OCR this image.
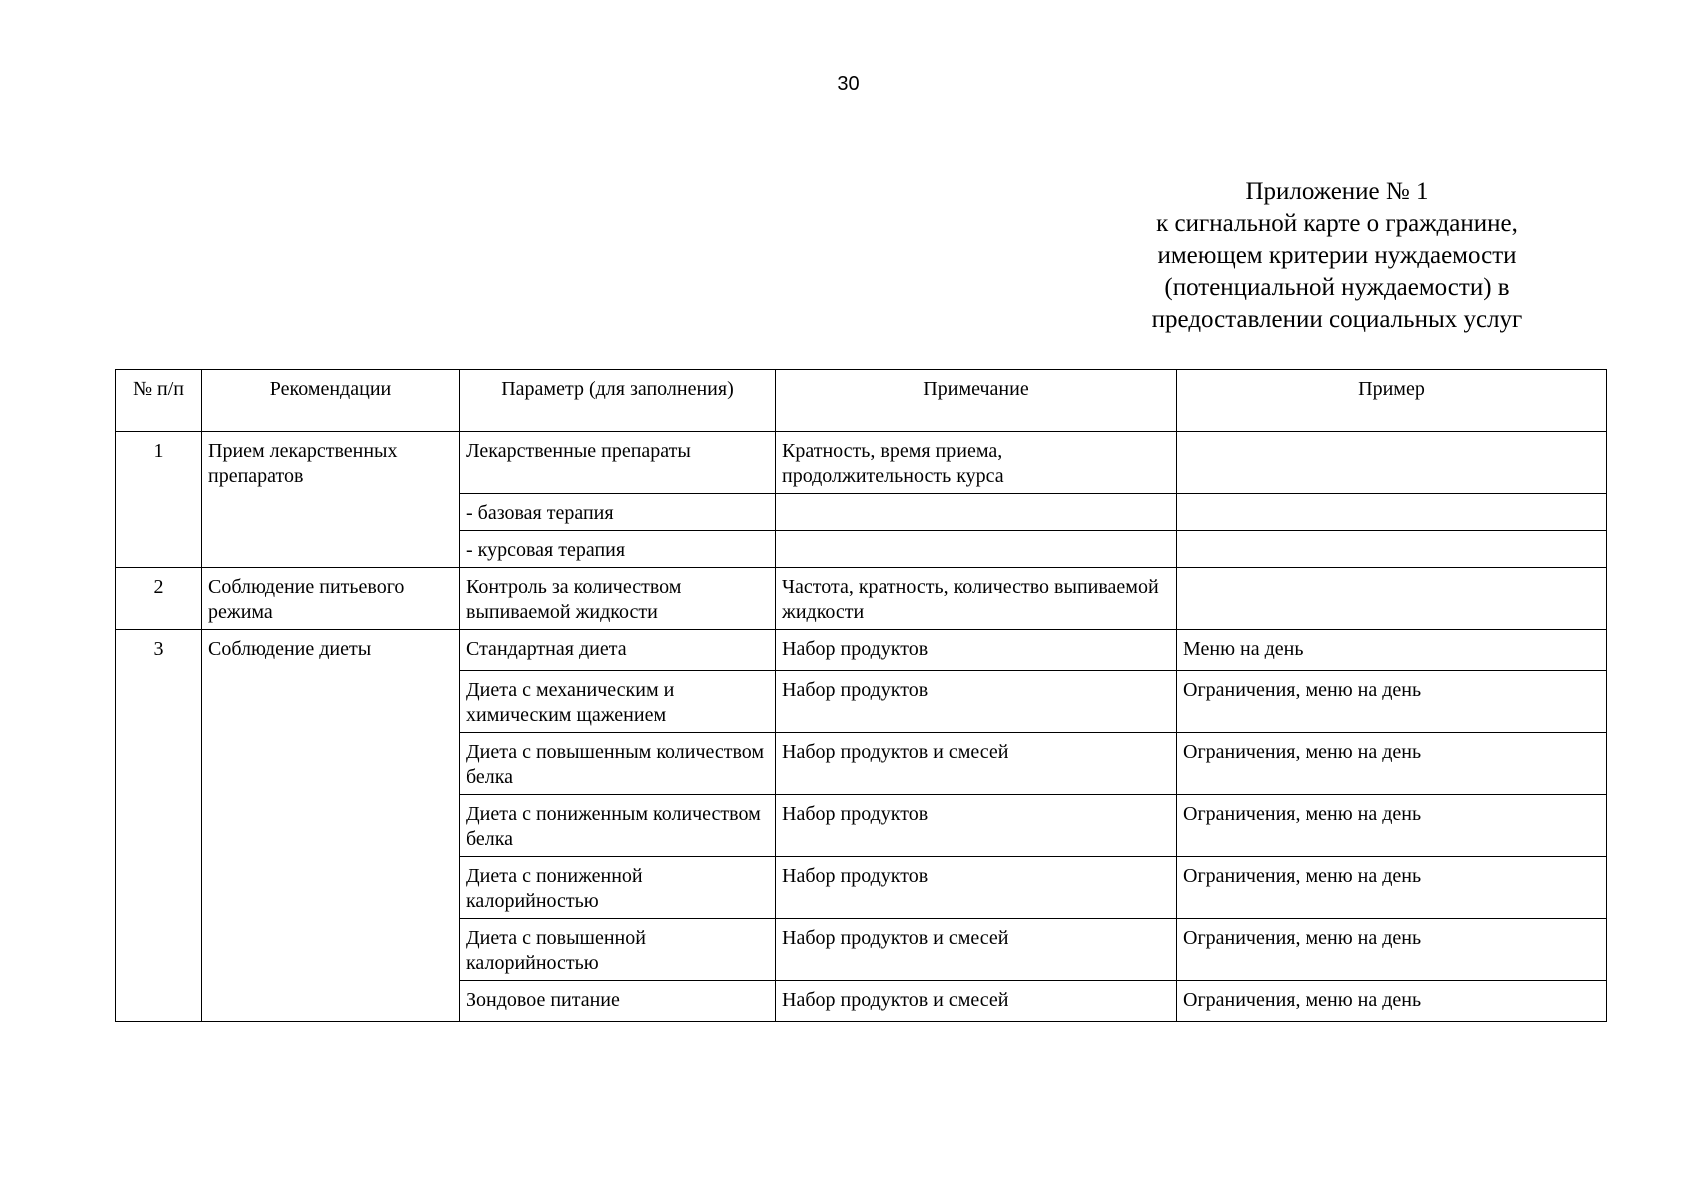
30
Приложение № 1
к сигнальной карте о гражданине,
имеющем критерии нуждаемости
(потенциальной нуждаемости) в
предоставлении социальных услуг
№ п/п	Рекомендации	Параметр (для заполнения)	Примечание	Пример
1	Прием лекарственных препаратов	Лекарственные препараты	Кратность, время приема, продолжительность курса	
		- базовая терапия		
		- курсовая терапия		
2	Соблюдение питьевого режима	Контроль за количеством выпиваемой жидкости	Частота, кратность, количество выпиваемой жидкости	
3	Соблюдение диеты	Стандартная диета	Набор продуктов	Меню на день
		Диета с механическим и химическим щажением	Набор продуктов	Ограничения, меню на день
		Диета с повышенным количеством белка	Набор продуктов и смесей	Ограничения, меню на день
		Диета с пониженным количеством белка	Набор продуктов	Ограничения, меню на день
		Диета с пониженной калорийностью	Набор продуктов	Ограничения, меню на день
		Диета с повышенной калорийностью	Набор продуктов и смесей	Ограничения, меню на день
		Зондовое питание	Набор продуктов и смесей	Ограничения, меню на день
